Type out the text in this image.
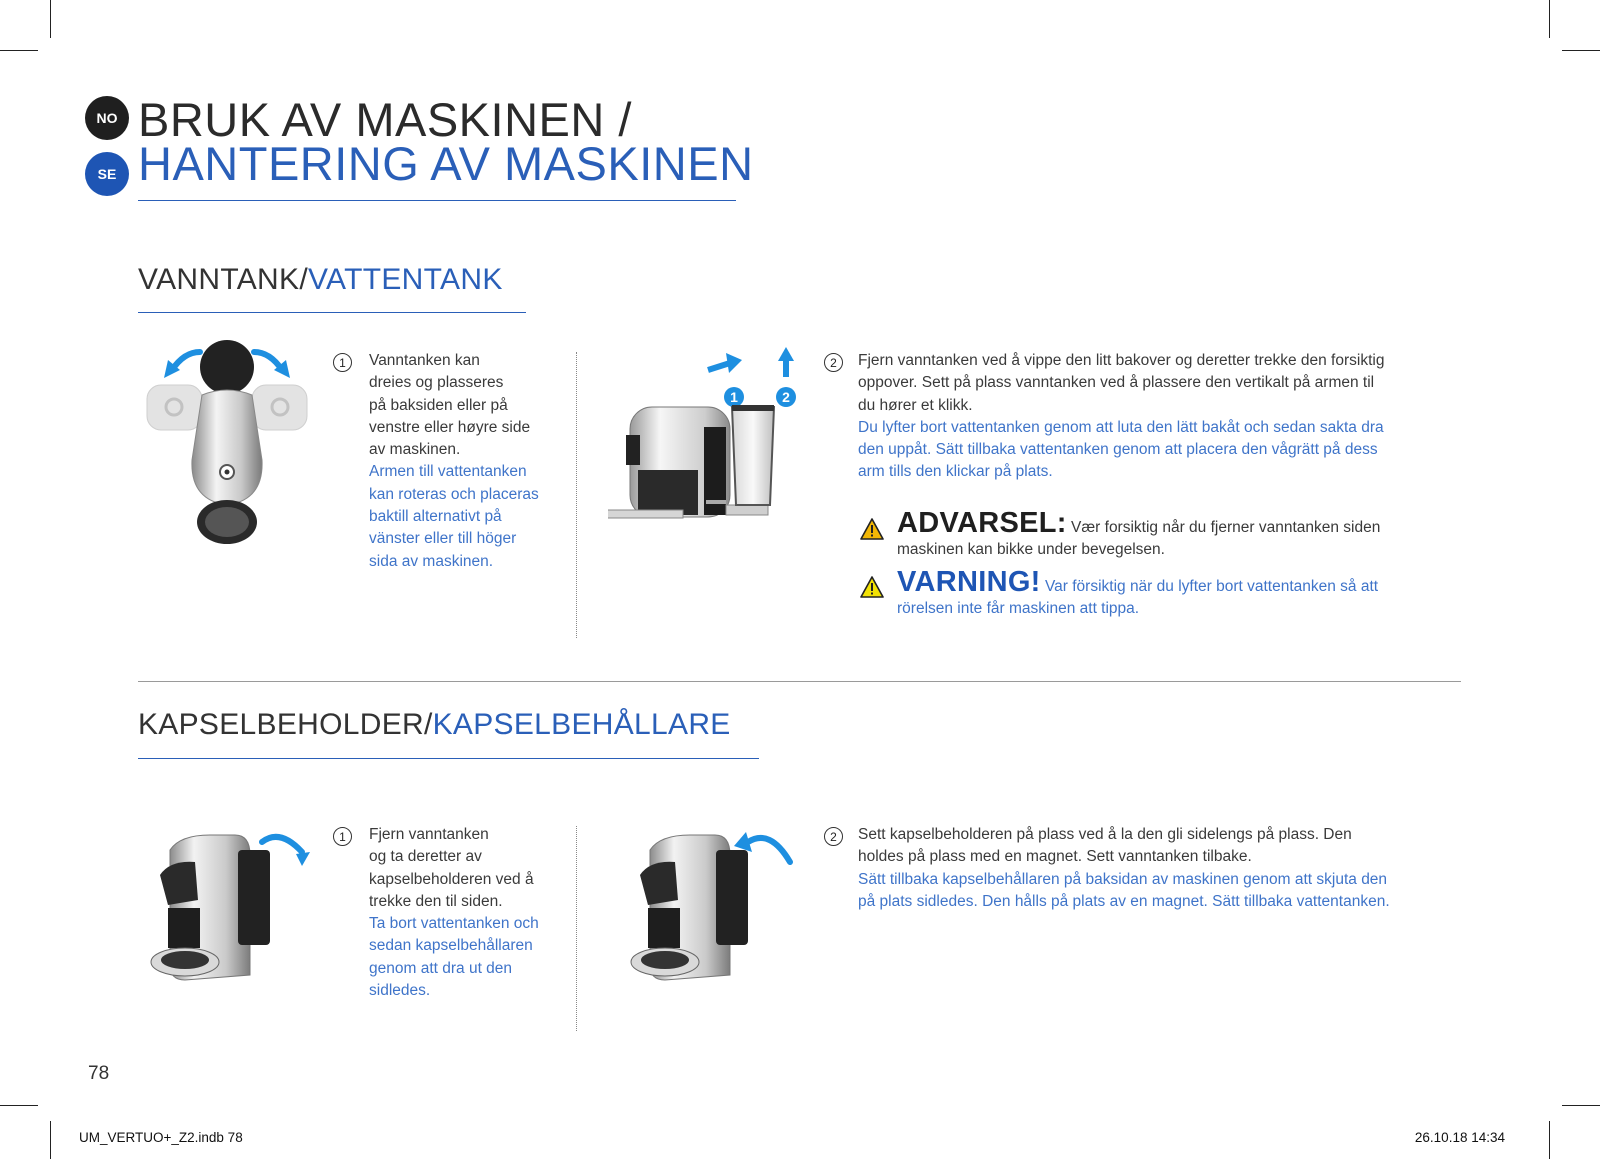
NO
SE
BRUK AV MASKINEN /
HANTERING AV MASKINEN
VANNTANK/VATTENTANK
1	Vanntanken kan
dreies og plasseres
på baksiden eller på
venstre eller høyre side
av maskinen.
Armen till vattentanken
kan roteras och placeras
baktill alternativt på
vänster eller till höger
sida av maskinen.
1	2
2	Fjern vanntanken ved å vippe den litt bakover og deretter trekke den forsiktig
oppover. Sett på plass vanntanken ved å plassere den vertikalt på armen til
du hører et klikk.
Du lyfter bort vattentanken genom att luta den lätt bakåt och sedan sakta dra
den uppåt. Sätt tillbaka vattentanken genom att placera den vågrätt på dess
arm tills den klickar på plats.
ADVARSEL: Vær forsiktig når du fjerner vanntanken siden
maskinen kan bikke under bevegelsen.
VARNING! Var försiktig när du lyfter bort vattentanken så att
rörelsen inte får maskinen att tippa.
KAPSELBEHOLDER/KAPSELBEHÅLLARE
1	Fjern vanntanken
og ta deretter av
kapselbeholderen ved å
trekke den til siden.
Ta bort vattentanken och
sedan kapselbehållaren
genom att dra ut den
sidledes.
2	Sett kapselbeholderen på plass ved å la den gli sidelengs på plass. Den
holdes på plass med en magnet. Sett vanntanken tilbake.
Sätt tillbaka kapselbehållaren på baksidan av maskinen genom att skjuta den
på plats sidledes. Den hålls på plats av en magnet. Sätt tillbaka vattentanken.
78
UM_VERTUO+_Z2.indb 78	26.10.18 14:34
